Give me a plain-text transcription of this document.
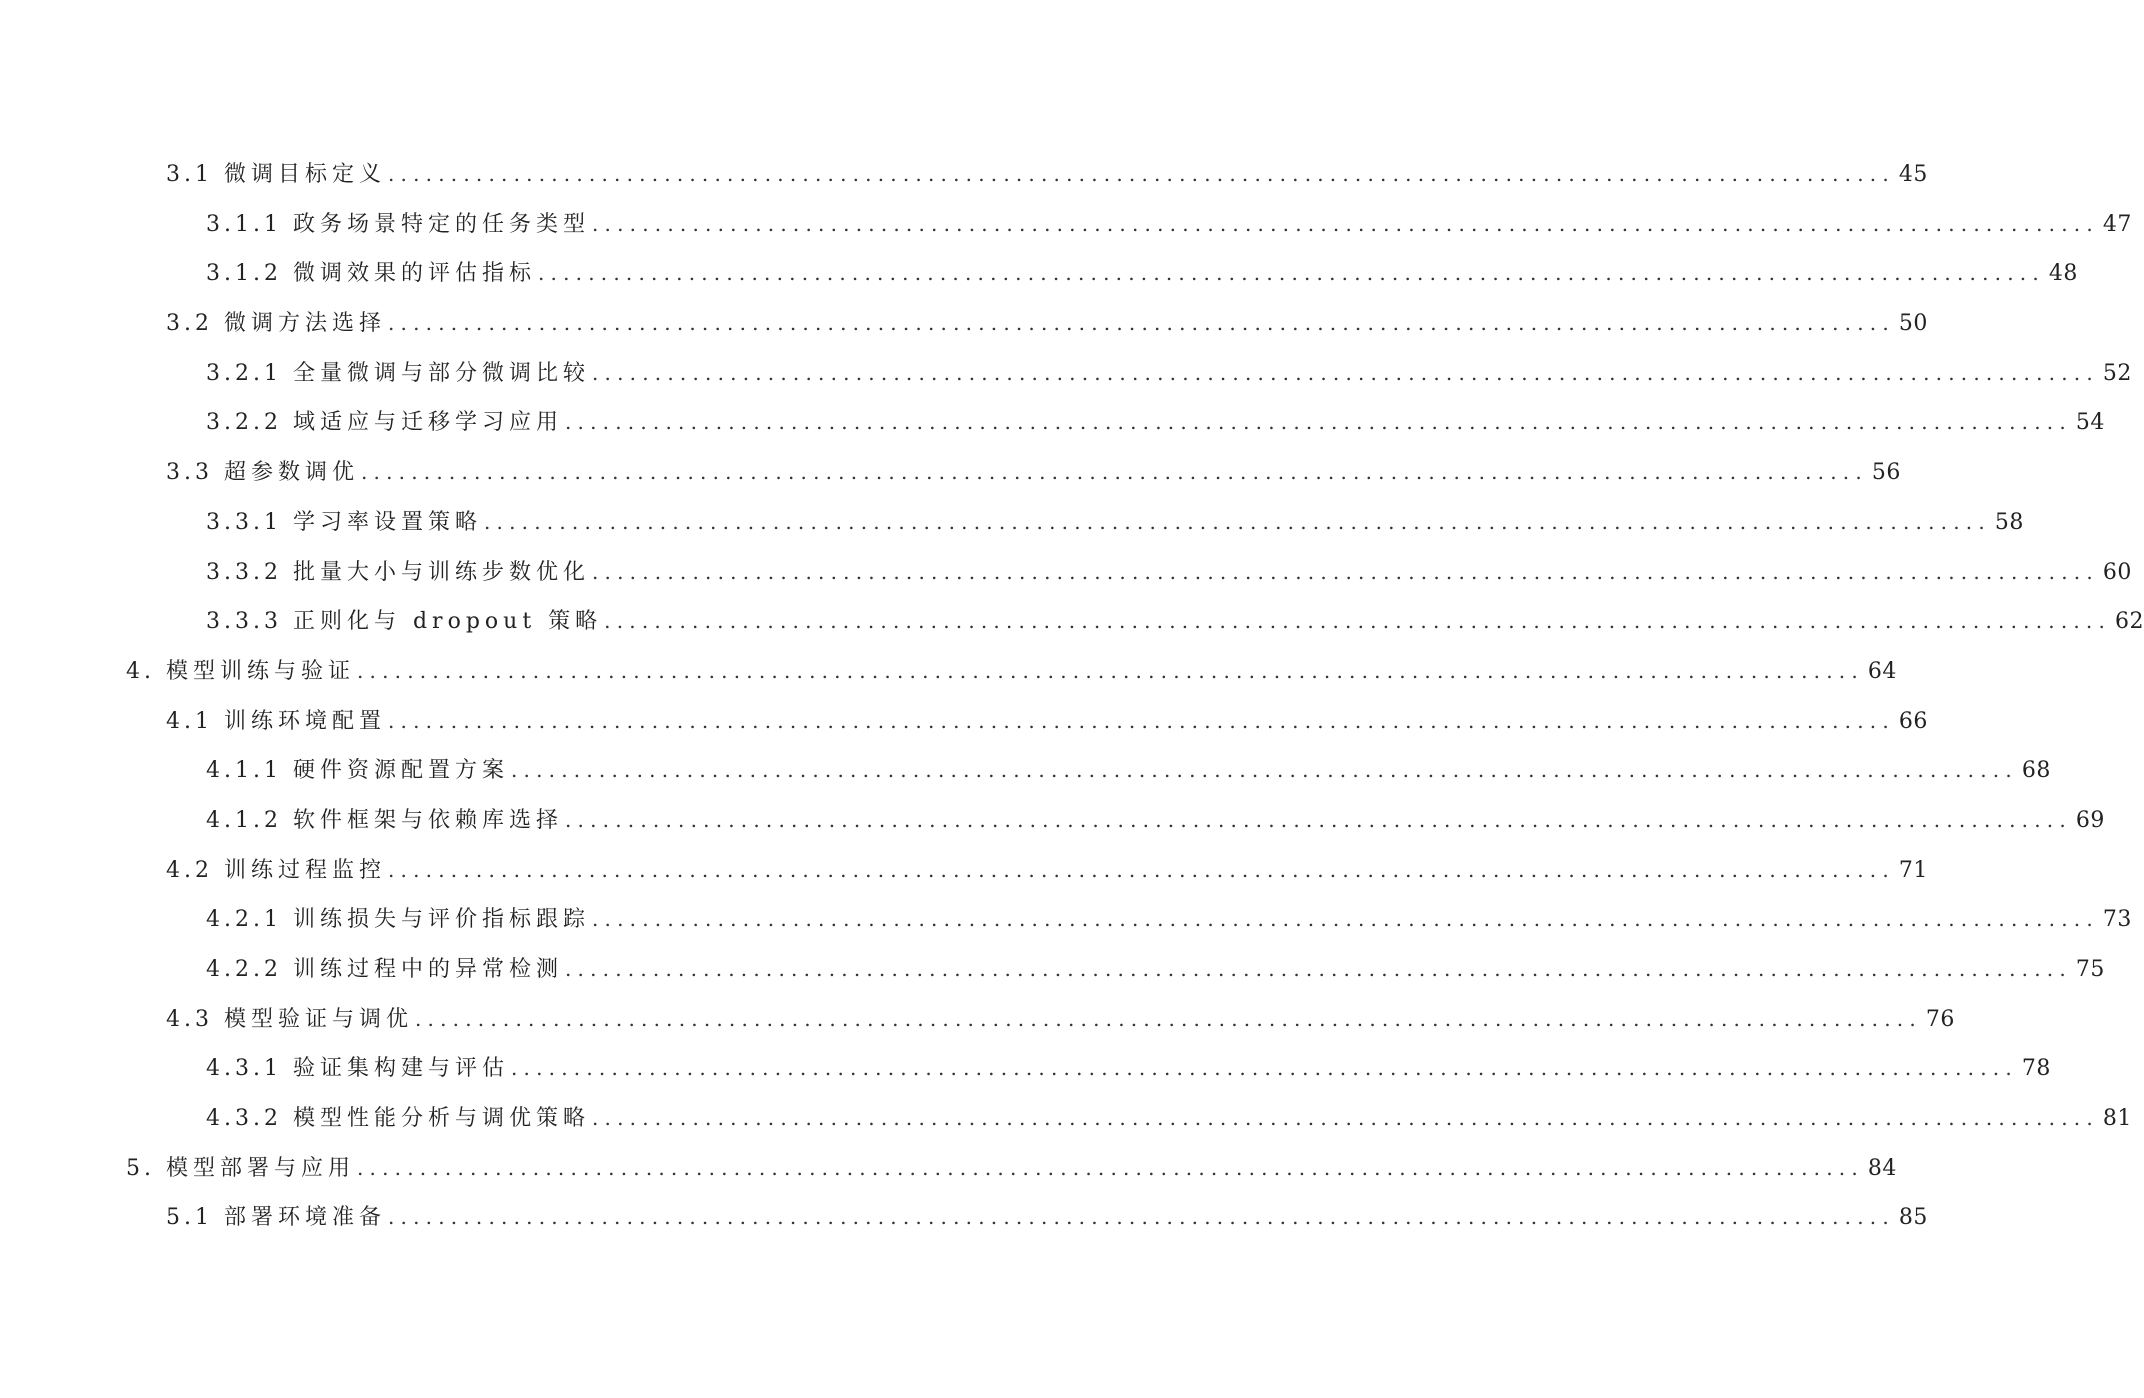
3.1 微调目标定义 ........................................................................................................................ 45
3.1.1 政务场景特定的任务类型 ........................................................................................................................ 47
3.1.2 微调效果的评估指标 ........................................................................................................................ 48
3.2 微调方法选择 ........................................................................................................................ 50
3.2.1 全量微调与部分微调比较 ........................................................................................................................ 52
3.2.2 域适应与迁移学习应用 ........................................................................................................................ 54
3.3 超参数调优 ........................................................................................................................ 56
3.3.1 学习率设置策略 ........................................................................................................................ 58
3.3.2 批量大小与训练步数优化 ........................................................................................................................ 60
3.3.3 正则化与 dropout 策略 ........................................................................................................................ 62
4. 模型训练与验证 ........................................................................................................................ 64
4.1 训练环境配置 ........................................................................................................................ 66
4.1.1 硬件资源配置方案 ........................................................................................................................ 68
4.1.2 软件框架与依赖库选择 ........................................................................................................................ 69
4.2 训练过程监控 ........................................................................................................................ 71
4.2.1 训练损失与评价指标跟踪 ........................................................................................................................ 73
4.2.2 训练过程中的异常检测 ........................................................................................................................ 75
4.3 模型验证与调优 ........................................................................................................................ 76
4.3.1 验证集构建与评估 ........................................................................................................................ 78
4.3.2 模型性能分析与调优策略 ........................................................................................................................ 81
5. 模型部署与应用 ........................................................................................................................ 84
5.1 部署环境准备 ........................................................................................................................ 85
